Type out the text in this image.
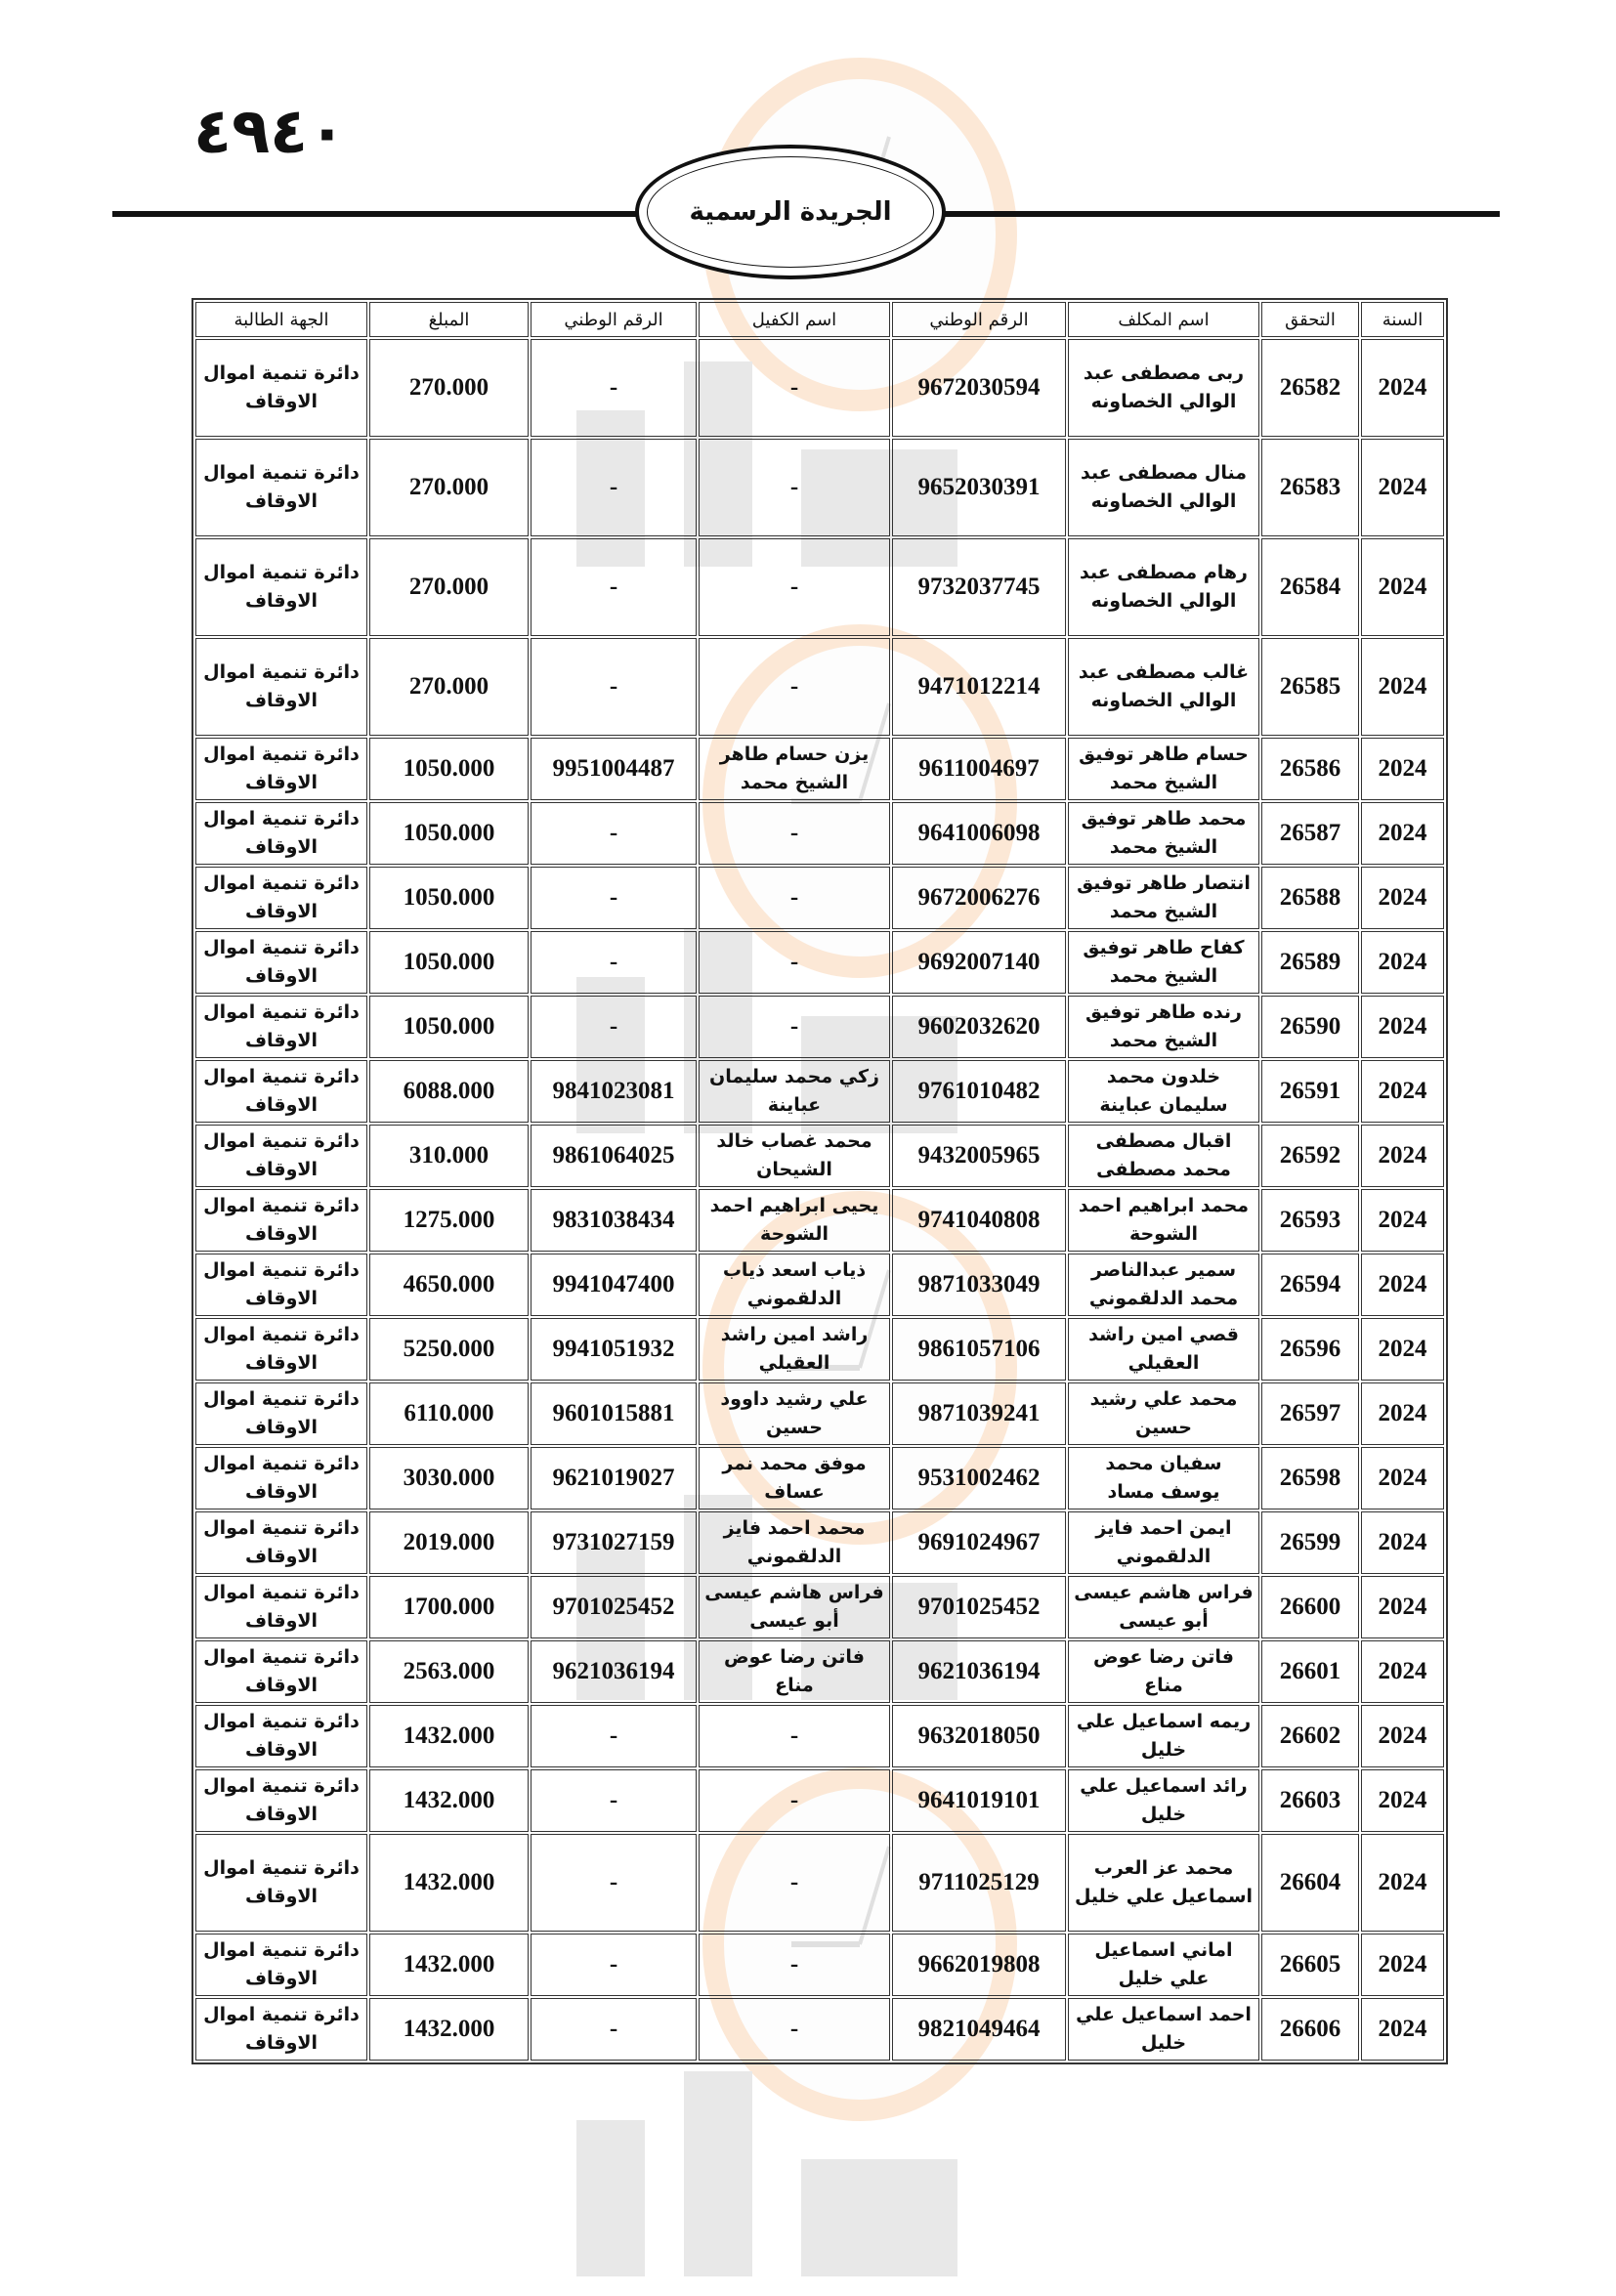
٤٩٤٠
الجريدة الرسمية
السنة	التحقق	اسم المكلف	الرقم الوطني	اسم الكفيل	الرقم الوطني	المبلغ	الجهة الطالبة
2024	26582	ربى مصطفى عبد الوالي الخصاونه	9672030594	-	-	270.000	دائرة تنمية اموال الاوقاف
2024	26583	منال مصطفى عبد الوالي الخصاونه	9652030391	-	-	270.000	دائرة تنمية اموال الاوقاف
2024	26584	رهام مصطفى عبد الوالي الخصاونه	9732037745	-	-	270.000	دائرة تنمية اموال الاوقاف
2024	26585	غالب مصطفى عبد الوالي الخصاونه	9471012214	-	-	270.000	دائرة تنمية اموال الاوقاف
2024	26586	حسام طاهر توفيق الشيخ محمد	9611004697	يزن حسام طاهر الشيخ محمد	9951004487	1050.000	دائرة تنمية اموال الاوقاف
2024	26587	محمد طاهر توفيق الشيخ محمد	9641006098	-	-	1050.000	دائرة تنمية اموال الاوقاف
2024	26588	انتصار طاهر توفيق الشيخ محمد	9672006276	-	-	1050.000	دائرة تنمية اموال الاوقاف
2024	26589	كفاح طاهر توفيق الشيخ محمد	9692007140	-	-	1050.000	دائرة تنمية اموال الاوقاف
2024	26590	رنده طاهر توفيق الشيخ محمد	9602032620	-	-	1050.000	دائرة تنمية اموال الاوقاف
2024	26591	خلدون محمد سليمان عباينة	9761010482	زكي محمد سليمان عباينة	9841023081	6088.000	دائرة تنمية اموال الاوقاف
2024	26592	اقبال مصطفى محمد مصطفى	9432005965	محمد غصاب خالد الشيحان	9861064025	310.000	دائرة تنمية اموال الاوقاف
2024	26593	محمد ابراهيم احمد الشوحة	9741040808	يحيى ابراهيم احمد الشوحة	9831038434	1275.000	دائرة تنمية اموال الاوقاف
2024	26594	سمير عبدالناصر محمد الدلقموني	9871033049	ذياب اسعد ذياب الدلقموني	9941047400	4650.000	دائرة تنمية اموال الاوقاف
2024	26596	قصي امين راشد العقيلي	9861057106	راشد امين راشد العقيلي	9941051932	5250.000	دائرة تنمية اموال الاوقاف
2024	26597	محمد علي رشيد حسين	9871039241	علي رشيد داوود حسين	9601015881	6110.000	دائرة تنمية اموال الاوقاف
2024	26598	سفيان محمد يوسف مساد	9531002462	موفق محمد نمر عساف	9621019027	3030.000	دائرة تنمية اموال الاوقاف
2024	26599	ايمن احمد فايز الدلقموني	9691024967	محمد احمد فايز الدلقموني	9731027159	2019.000	دائرة تنمية اموال الاوقاف
2024	26600	فراس هاشم عيسى أبو عيسى	9701025452	فراس هاشم عيسى أبو عيسى	9701025452	1700.000	دائرة تنمية اموال الاوقاف
2024	26601	فاتن رضا عوض مناع	9621036194	فاتن رضا عوض مناع	9621036194	2563.000	دائرة تنمية اموال الاوقاف
2024	26602	ريمه اسماعيل علي خليل	9632018050	-	-	1432.000	دائرة تنمية اموال الاوقاف
2024	26603	رائد اسماعيل علي خليل	9641019101	-	-	1432.000	دائرة تنمية اموال الاوقاف
2024	26604	محمد عز العرب اسماعيل علي خليل	9711025129	-	-	1432.000	دائرة تنمية اموال الاوقاف
2024	26605	اماني اسماعيل علي خليل	9662019808	-	-	1432.000	دائرة تنمية اموال الاوقاف
2024	26606	احمد اسماعيل علي خليل	9821049464	-	-	1432.000	دائرة تنمية اموال الاوقاف
